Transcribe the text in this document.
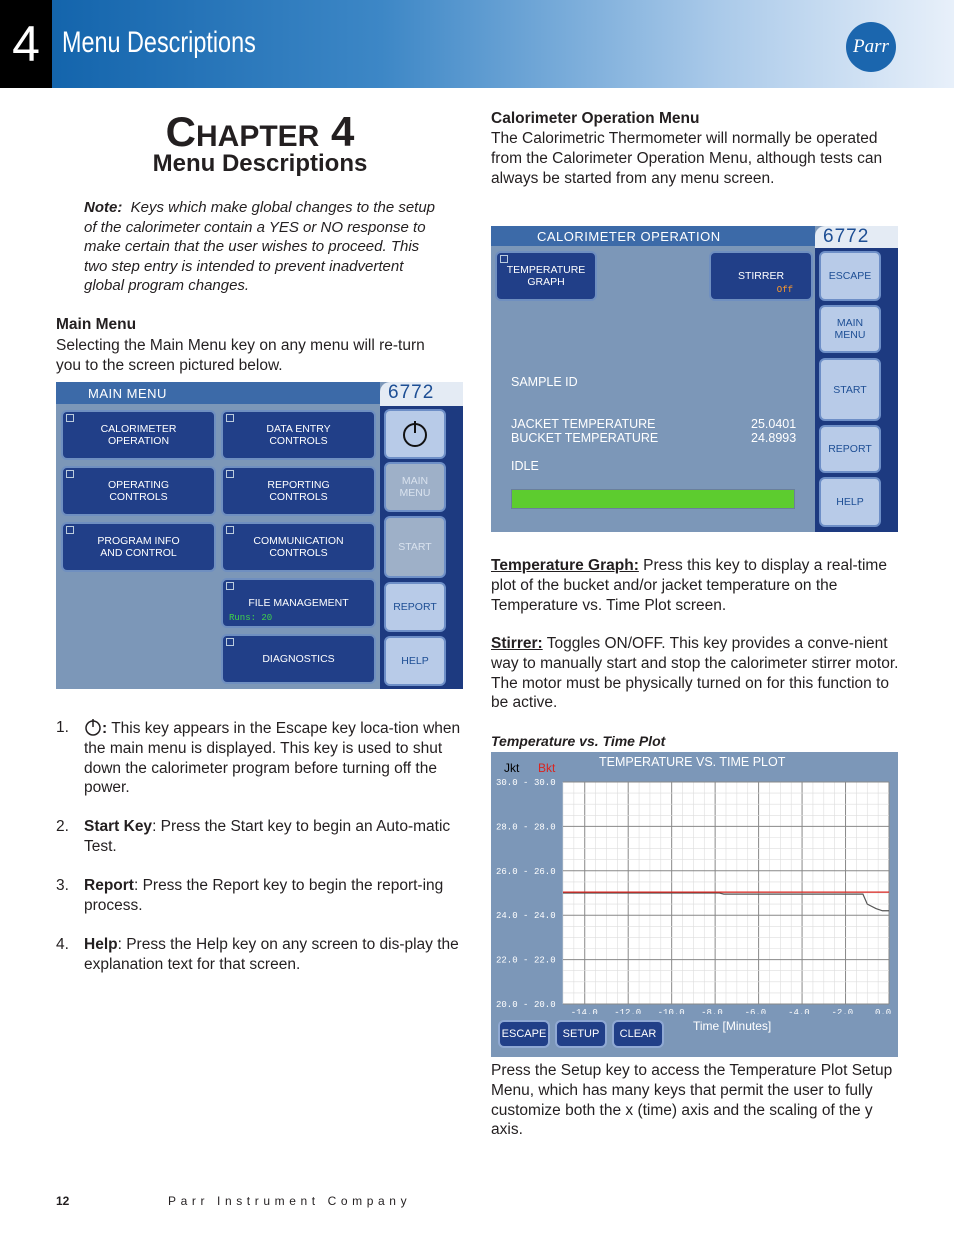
4 Menu Descriptions	Parr
CHAPTER 4
Menu Descriptions
Note: Keys which make global changes to the setup of the calorimeter contain a YES or NO response to make certain that the user wishes to proceed. This two step entry is intended to prevent inadvertent global program changes.
Main Menu
Selecting the Main Menu key on any menu will re-turn you to the screen pictured below.
MAIN MENU	6772
CALORIMETER OPERATION
DATA ENTRY CONTROLS
OPERATING CONTROLS
REPORTING CONTROLS
PROGRAM INFO AND CONTROL
COMMUNICATION CONTROLS
FILE MANAGEMENT
Runs: 20
DIAGNOSTICS
MAIN MENU
START
REPORT
HELP
1.	: This key appears in the Escape key loca-tion when the main menu is displayed. This key is used to shut down the calorimeter program before turning off the power.
2. Start Key: Press the Start key to begin an Auto-matic Test.
3. Report: Press the Report key to begin the report-ing process.
4. Help: Press the Help key on any screen to dis-play the explanation text for that screen.
Calorimeter Operation Menu
The Calorimetric Thermometer will normally be operated from the Calorimeter Operation Menu, although tests can always be started from any menu screen.
CALORIMETER OPERATION	6772
TEMPERATURE GRAPH	STIRRER
Off
SAMPLE ID
JACKET TEMPERATURE	25.0401
BUCKET TEMPERATURE	24.8993
IDLE
ESCAPE
MAIN MENU
START
REPORT
HELP
Temperature Graph: Press this key to display a real-time plot of the bucket and/or jacket temperature on the Temperature vs. Time Plot screen.
Stirrer: Toggles ON/OFF. This key provides a conve-nient way to manually start and stop the calorimeter stirrer motor. The motor must be physically turned on for this function to be active.
Temperature vs. Time Plot
30.0 - 30.0
28.0 - 28.0
26.0 - 26.0
24.0 - 24.0
22.0 - 22.0
20.0 - 20.0
-14.0 -12.0 -10.0 -8.0 -6.0 -4.0 -2.0 0.0
Jkt Bkt	TEMPERATURE VS. TIME PLOT
Time [Minutes]
ESCAPE	SETUP	CLEAR
Press the Setup key to access the Temperature Plot Setup Menu, which has many keys that permit the user to fully customize both the x (time) axis and the scaling of the y axis.
12	Parr Instrument Company
